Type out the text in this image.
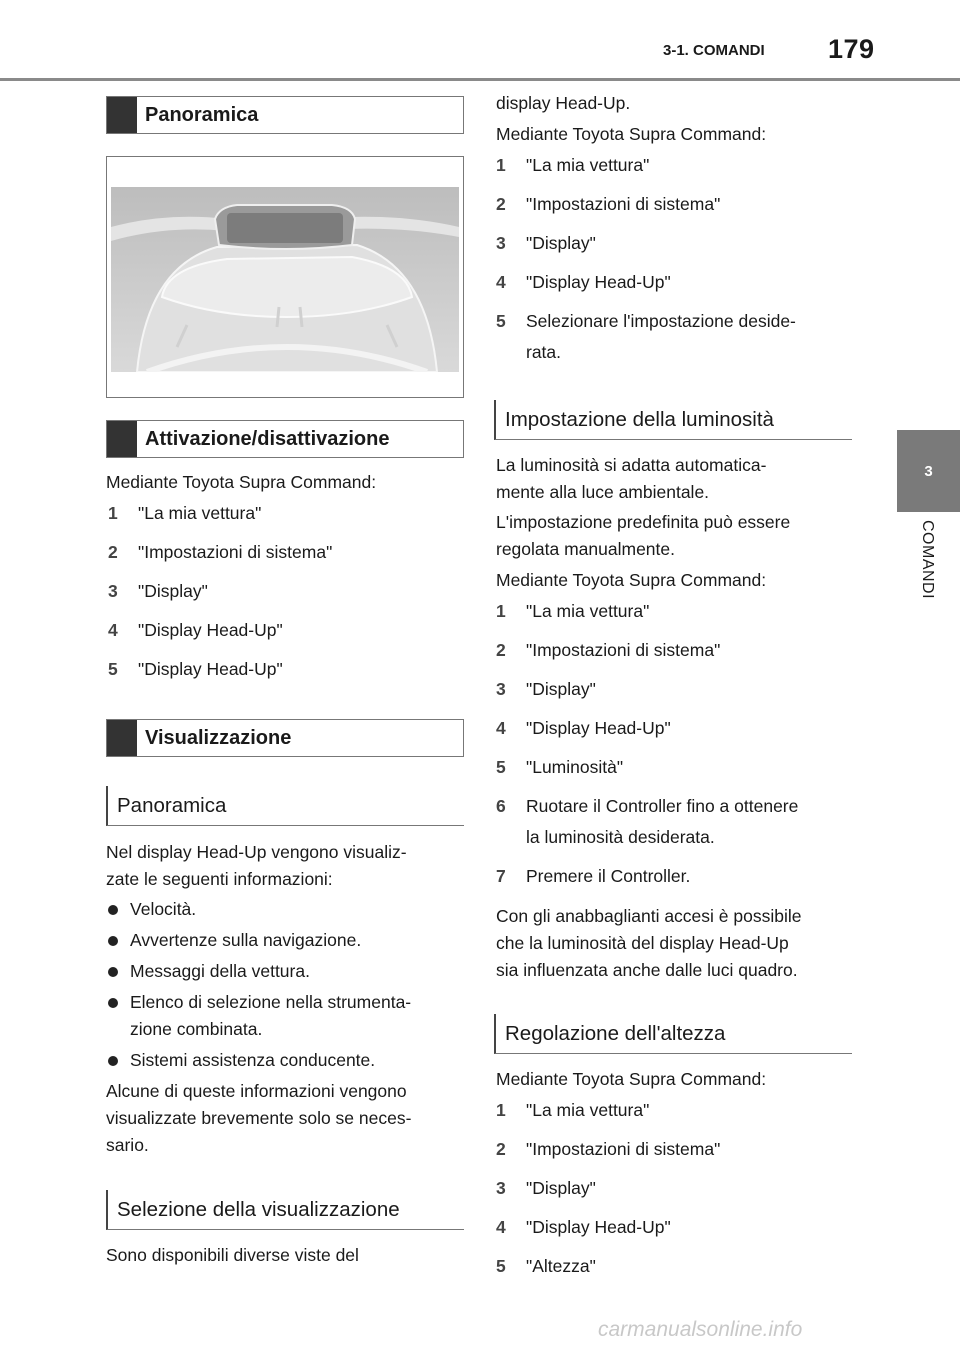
3-1. COMANDI 179
3
COMANDI
Panoramica
Attivazione/disattivazione
Mediante Toyota Supra Command:
1 "La mia vettura"
2 "Impostazioni di sistema"
3 "Display"
4 "Display Head-Up"
5 "Display Head-Up"
Visualizzazione
Panoramica
Nel display Head-Up vengono visualiz-
zate le seguenti informazioni:
Velocità.
Avvertenze sulla navigazione.
Messaggi della vettura.
Elenco di selezione nella strumenta-
zione combinata.
Sistemi assistenza conducente.
Alcune di queste informazioni vengono
visualizzate brevemente solo se neces-
sario.
Selezione della visualizzazione
Sono disponibili diverse viste del
display Head-Up.
Mediante Toyota Supra Command:
1 "La mia vettura"
2 "Impostazioni di sistema"
3 "Display"
4 "Display Head-Up"
5 Selezionare l'impostazione deside-
rata.
Impostazione della luminosità
La luminosità si adatta automatica-
mente alla luce ambientale.
L'impostazione predefinita può essere
regolata manualmente.
Mediante Toyota Supra Command:
1 "La mia vettura"
2 "Impostazioni di sistema"
3 "Display"
4 "Display Head-Up"
5 "Luminosità"
6 Ruotare il Controller fino a ottenere
la luminosità desiderata.
7 Premere il Controller.
Con gli anabbaglianti accesi è possibile
che la luminosità del display Head-Up
sia influenzata anche dalle luci quadro.
Regolazione dell'altezza
Mediante Toyota Supra Command:
1 "La mia vettura"
2 "Impostazioni di sistema"
3 "Display"
4 "Display Head-Up"
5 "Altezza"
carmanualsonline.info
